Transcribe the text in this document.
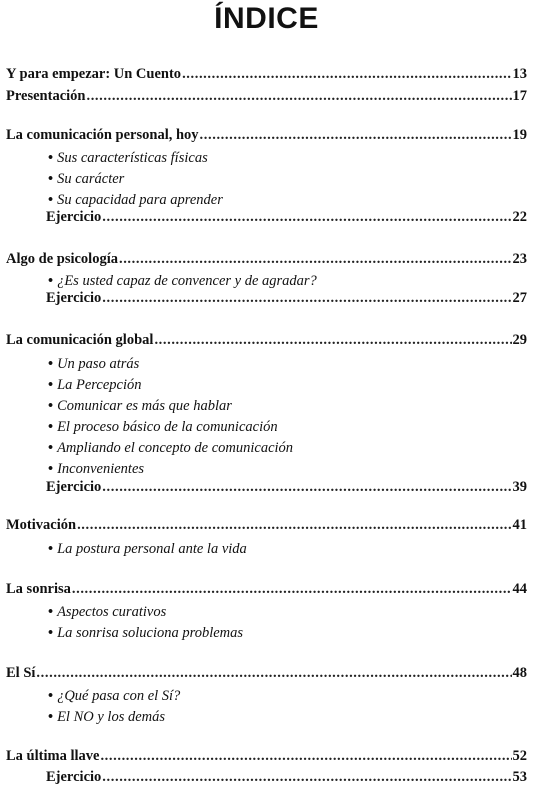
ÍNDICE
Y para empezar: Un Cuento .....	13
Presentación .....	17
La comunicación personal, hoy .....	19
• Sus características físicas
• Su carácter
• Su capacidad para aprender
Ejercicio .....	22
Algo de psicología .....	23
• ¿Es usted capaz de convencer y de agradar?
Ejercicio .....	27
La comunicación global .....	29
• Un paso atrás
• La Percepción
• Comunicar es más que hablar
• El proceso básico de la comunicación
• Ampliando el concepto de comunicación
• Inconvenientes
Ejercicio .....	39
Motivación .....	41
• La postura personal ante la vida
La sonrisa .....	44
• Aspectos curativos
• La sonrisa soluciona problemas
El Sí .....	48
• ¿Qué pasa con el Sí?
• El NO y los demás
La última llave .....	52
Ejercicio .....	53
